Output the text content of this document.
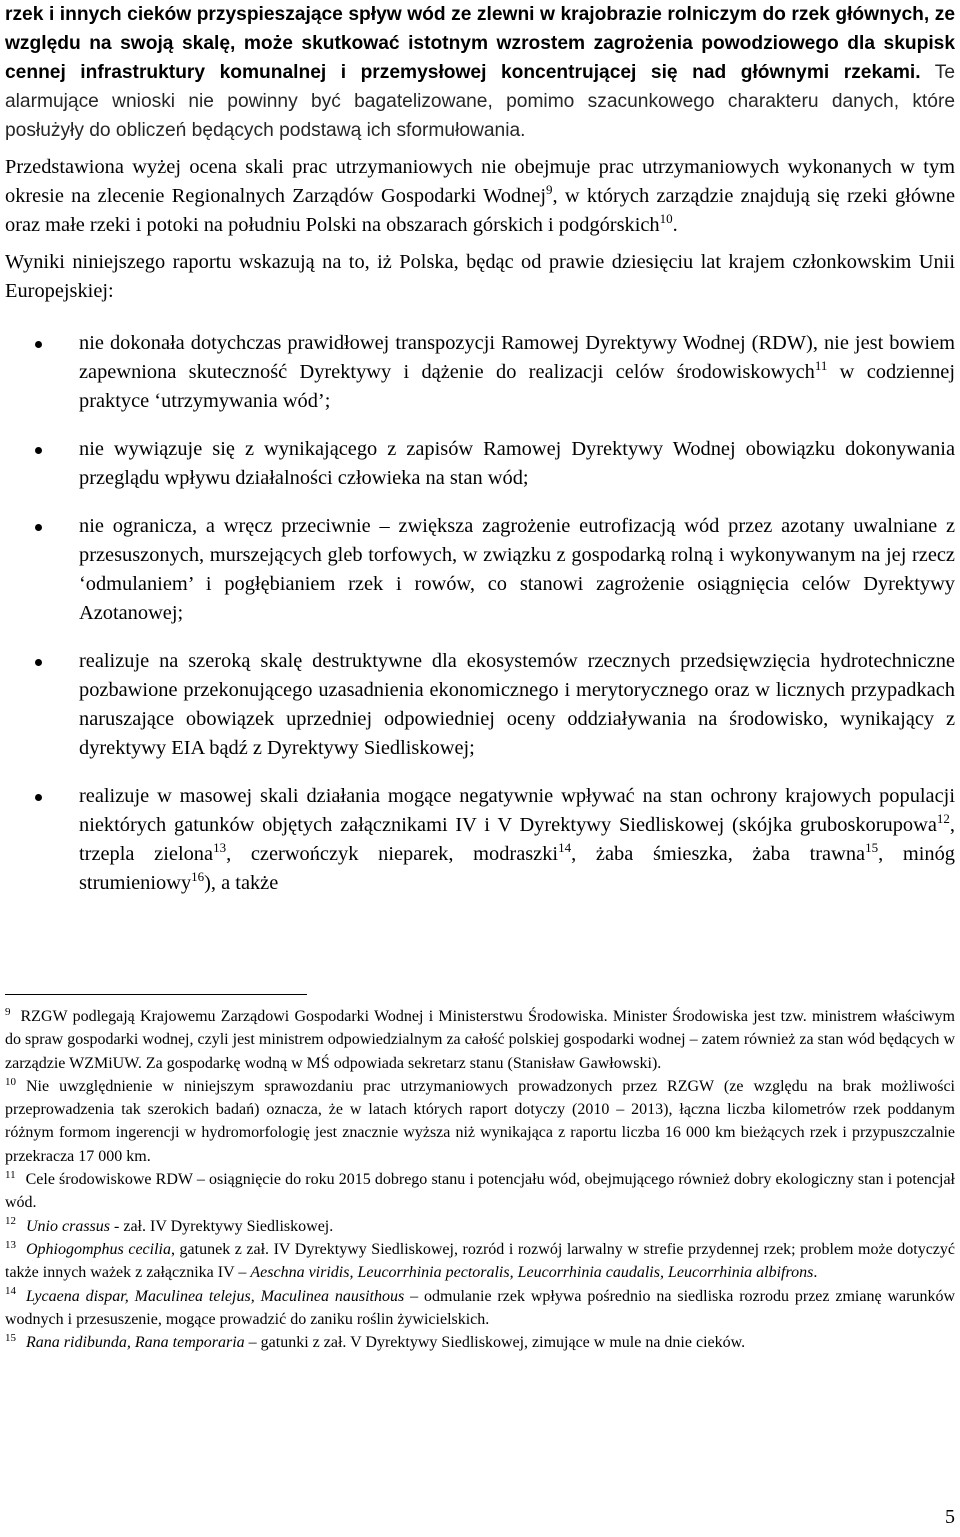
rzek i innych cieków przyspieszające spływ wód ze zlewni w krajobrazie rolniczym do rzek głównych, ze względu na swoją skalę, może skutkować istotnym wzrostem zagrożenia powodziowego dla skupisk cennej infrastruktury komunalnej i przemysłowej koncentrującej się nad głównymi rzekami. Te alarmujące wnioski nie powinny być bagatelizowane, pomimo szacunkowego charakteru danych, które posłużyły do obliczeń będących podstawą ich sformułowania.

Przedstawiona wyżej ocena skali prac utrzymaniowych nie obejmuje prac utrzymaniowych wykonanych w tym okresie na zlecenie Regionalnych Zarządów Gospodarki Wodnej$^9$, w których zarządzie znajdują się rzeki główne oraz małe rzeki i potoki na południu Polski na obszarach górskich i podgórskich$^{10}$.

Wyniki niniejszego raportu wskazują na to, iż Polska, będąc od prawie dziesięciu lat krajem członkowskim Unii Europejskiej:

nie dokonała dotychczas prawidłowej transpozycji Ramowej Dyrektywy Wodnej (RDW), nie jest bowiem zapewniona skuteczność Dyrektywy i dążenie do realizacji celów środowiskowych$^{11}$ w codziennej praktyce ‘utrzymywania wód’;
nie wywiązuje się z wynikającego z zapisów Ramowej Dyrektywy Wodnej obowiązku dokonywania przeglądu wpływu działalności człowieka na stan wód;
nie ogranicza, a wręcz przeciwnie – zwiększa zagrożenie eutrofizacją wód przez azotany uwalniane z przesuszonych, murszejących gleb torfowych, w związku z gospodarką rolną i wykonywanym na jej rzecz ‘odmulaniem’ i pogłębianiem rzek i rowów, co stanowi zagrożenie osiągnięcia celów Dyrektywy Azotanowej;
realizuje na szeroką skalę destruktywne dla ekosystemów rzecznych przedsięwzięcia hydrotechniczne pozbawione przekonującego uzasadnienia ekonomicznego i merytorycznego oraz w licznych przypadkach naruszające obowiązek uprzedniej odpowiedniej oceny oddziaływania na środowisko, wynikający z dyrektywy EIA bądź z Dyrektywy Siedliskowej;
realizuje w masowej skali działania mogące negatywnie wpływać na stan ochrony krajowych populacji niektórych gatunków objętych załącznikami IV i V Dyrektywy Siedliskowej (skójka gruboskorupowa$^{12}$, trzepla zielona$^{13}$, czerwończyk nieparek, modraszki$^{14}$, żaba śmieszka, żaba trawna$^{15}$, minóg strumieniowy$^{16}$), a także

$^9$ RZGW podlegają Krajowemu Zarządowi Gospodarki Wodnej i Ministerstwu Środowiska. Minister Środowiska jest tzw. ministrem właściwym do spraw gospodarki wodnej, czyli jest ministrem odpowiedzialnym za całość polskiej gospodarki wodnej – zatem również za stan wód będących w zarządzie WZMiUW. Za gospodarkę wodną w MŚ odpowiada sekretarz stanu (Stanisław Gawłowski).

$^{10}$ Nie uwzględnienie w niniejszym sprawozdaniu prac utrzymaniowych prowadzonych przez RZGW (ze względu na brak możliwości przeprowadzenia tak szerokich badań) oznacza, że w latach których raport dotyczy (2010 – 2013), łączna liczba kilometrów rzek poddanym różnym formom ingerencji w hydromorfologię jest znacznie wyższa niż wynikająca z raportu liczba 16 000 km bieżących rzek i przypuszczalnie przekracza 17 000 km.

$^{11}$ Cele środowiskowe RDW – osiągnięcie do roku 2015 dobrego stanu i potencjału wód, obejmującego również dobry ekologiczny stan i potencjał wód.

$^{12}$ Unio crassus - zał. IV Dyrektywy Siedliskowej.

$^{13}$ Ophiogomphus cecilia, gatunek z zał. IV Dyrektywy Siedliskowej, rozród i rozwój larwalny w strefie przydennej rzek; problem może dotyczyć także innych ważek z załącznika IV – Aeschna viridis, Leucorrhinia pectoralis, Leucorrhinia caudalis, Leucorrhinia albifrons.

$^{14}$ Lycaena dispar, Maculinea telejus, Maculinea nausithous – odmulanie rzek wpływa pośrednio na siedliska rozrodu przez zmianę warunków wodnych i przesuszenie, mogące prowadzić do zaniku roślin żywicielskich.

$^{15}$ Rana ridibunda, Rana temporaria – gatunki z zał. V Dyrektywy Siedliskowej, zimujące w mule na dnie cieków.

5
